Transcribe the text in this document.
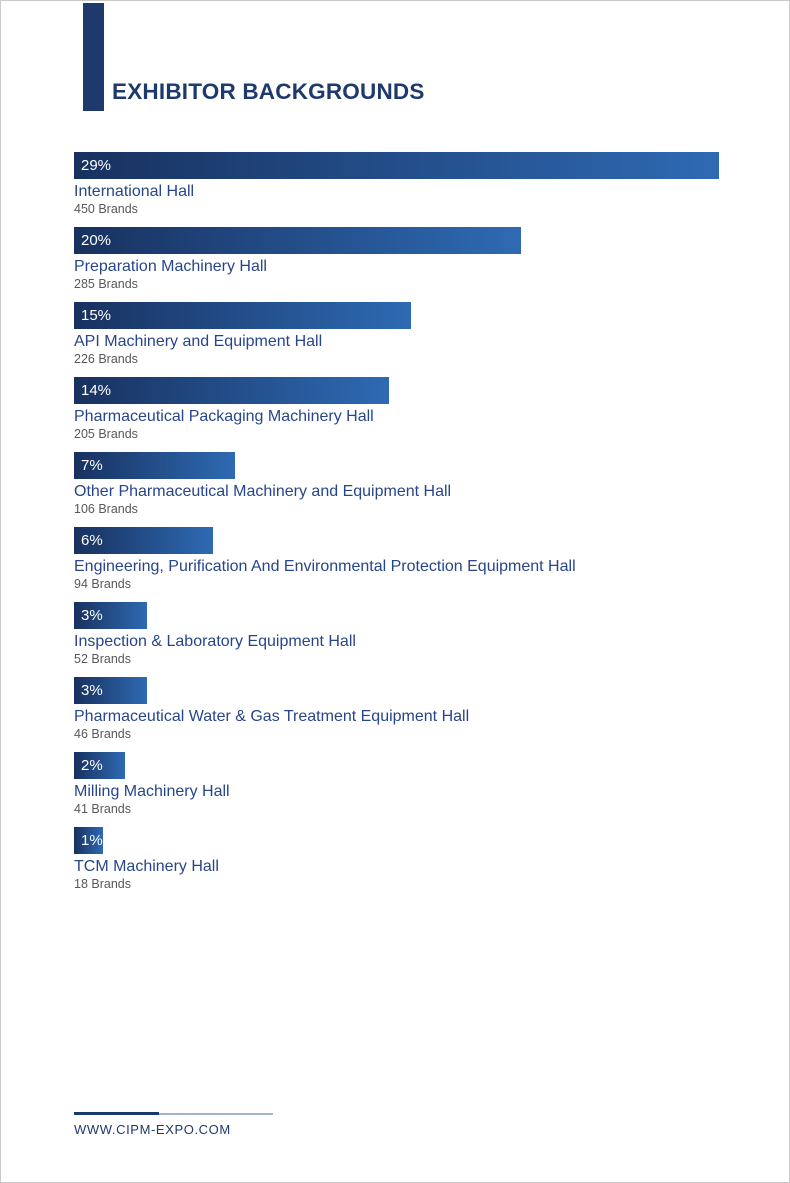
EXHIBITOR BACKGROUNDS
29%
International Hall
450 Brands
20%
Preparation Machinery Hall
285 Brands
15%
API Machinery and Equipment Hall
226 Brands
14%
Pharmaceutical Packaging Machinery Hall
205 Brands
7%
Other Pharmaceutical Machinery and Equipment Hall
106 Brands
6%
Engineering, Purification And Environmental Protection Equipment Hall
94 Brands
3%
Inspection & Laboratory Equipment Hall
52 Brands
3%
Pharmaceutical Water & Gas Treatment Equipment Hall
46 Brands
2%
Milling Machinery Hall
41 Brands
1%
TCM Machinery Hall
18 Brands
WWW.CIPM-EXPO.COM
